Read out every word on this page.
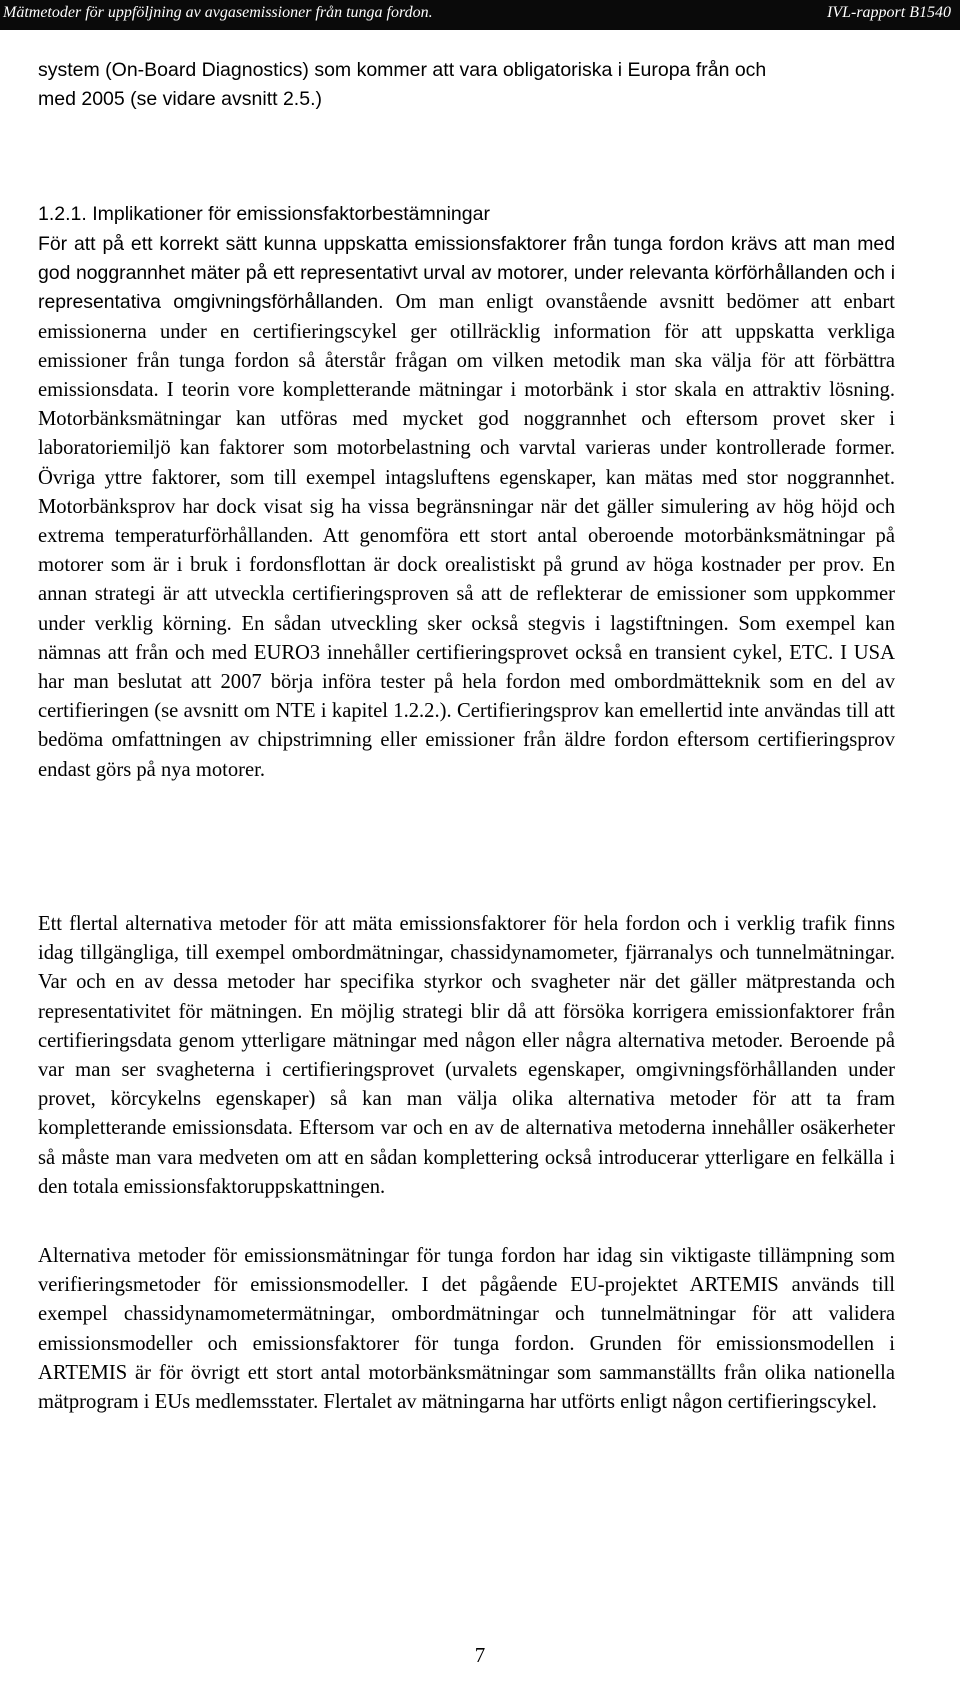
Mätmetoder för uppföljning av avgasemissioner från tunga fordon.	IVL-rapport B1540
system (On-Board Diagnostics) som kommer att vara obligatoriska i Europa från och
med 2005 (se vidare avsnitt 2.5.)
1.2.1. Implikationer för emissionsfaktorbestämningar

För att på ett korrekt sätt kunna uppskatta emissionsfaktorer från tunga fordon krävs att man med god noggrannhet mäter på ett representativt urval av motorer, under relevanta körförhållanden och i representativa omgivningsförhållanden. Om man enligt ovanstående avsnitt bedömer att enbart emissionerna under en certifieringscykel ger otillräcklig information för att uppskatta verkliga emissioner från tunga fordon så återstår frågan om vilken metodik man ska välja för att förbättra emissionsdata. I teorin vore kompletterande mätningar i motorbänk i stor skala en attraktiv lösning. Motorbänksmätningar kan utföras med mycket god noggrannhet och eftersom provet sker i laboratoriemiljö kan faktorer som motorbelastning och varvtal varieras under kontrollerade former. Övriga yttre faktorer, som till exempel intagsluftens egenskaper, kan mätas med stor noggrannhet. Motorbänksprov har dock visat sig ha vissa begränsningar när det gäller simulering av hög höjd och extrema temperaturförhållanden. Att genomföra ett stort antal oberoende motorbänksmätningar på motorer som är i bruk i fordonsflottan är dock orealistiskt på grund av höga kostnader per prov. En annan strategi är att utveckla certifieringsproven så att de reflekterar de emissioner som uppkommer under verklig körning. En sådan utveckling sker också stegvis i lagstiftningen. Som exempel kan nämnas att från och med EURO3 innehåller certifieringsprovet också en transient cykel, ETC. I USA har man beslutat att 2007 börja införa tester på hela fordon med ombordmätteknik som en del av certifieringen (se avsnitt om NTE i kapitel 1.2.2.). Certifieringsprov kan emellertid inte användas till att bedöma omfattningen av chipstrimning eller emissioner från äldre fordon eftersom certifieringsprov endast görs på nya motorer.

Ett flertal alternativa metoder för att mäta emissionsfaktorer för hela fordon och i verklig trafik finns idag tillgängliga, till exempel ombordmätningar, chassidynamometer, fjärranalys och tunnelmätningar. Var och en av dessa metoder har specifika styrkor och svagheter när det gäller mätprestanda och representativitet för mätningen. En möjlig strategi blir då att försöka korrigera emissionfaktorer från certifieringsdata genom ytterligare mätningar med någon eller några alternativa metoder. Beroende på var man ser svagheterna i certifieringsprovet (urvalets egenskaper, omgivningsförhållanden under provet, körcykelns egenskaper) så kan man välja olika alternativa metoder för att ta fram kompletterande emissionsdata. Eftersom var och en av de alternativa metoderna innehåller osäkerheter så måste man vara medveten om att en sådan komplettering också introducerar ytterligare en felkälla i den totala emissionsfaktoruppskattningen.

Alternativa metoder för emissionsmätningar för tunga fordon har idag sin viktigaste tillämpning som verifieringsmetoder för emissionsmodeller. I det pågående EU-projektet ARTEMIS används till exempel chassidynamometermätningar, ombordmätningar och tunnelmätningar för att validera emissionsmodeller och emissionsfaktorer för tunga fordon. Grunden för emissionsmodellen i ARTEMIS är för övrigt ett stort antal motorbänksmätningar som sammanställts från olika nationella mätprogram i EUs medlemsstater. Flertalet av mätningarna har utförts enligt någon certifieringscykel.

7
